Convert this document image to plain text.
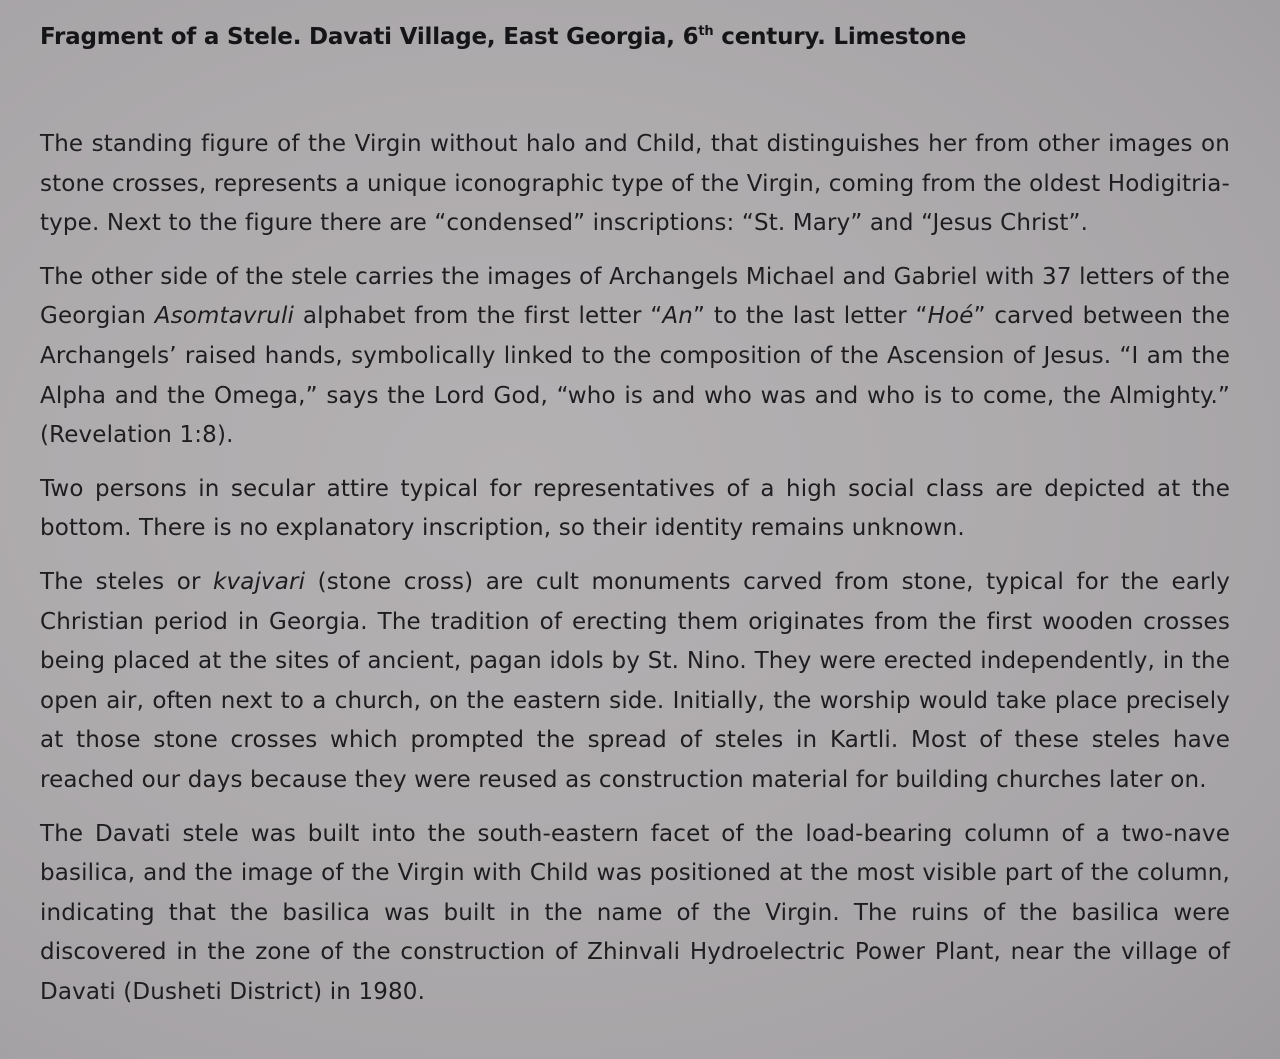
Fragment of a Stele. Davati Village, East Georgia, 6th century. Limestone

The standing figure of the Virgin without halo and Child, that distinguishes her from other images on stone crosses, represents a unique iconographic type of the Virgin, coming from the oldest Hodigitria-type. Next to the figure there are “condensed” inscriptions: “St. Mary” and “Jesus Christ”.

The other side of the stele carries the images of Archangels Michael and Gabriel with 37 letters of the Georgian Asomtavruli alphabet from the first letter “An” to the last letter “Hoé” carved between the Archangels’ raised hands, symbolically linked to the composition of the Ascension of Jesus. “I am the Alpha and the Omega,” says the Lord God, “who is and who was and who is to come, the Almighty.” (Revelation 1:8).

Two persons in secular attire typical for representatives of a high social class are depicted at the bottom. There is no explanatory inscription, so their identity remains unknown.

The steles or kvajvari (stone cross) are cult monuments carved from stone, typical for the early Christian period in Georgia. The tradition of erecting them originates from the first wooden crosses being placed at the sites of ancient, pagan idols by St. Nino. They were erected independently, in the open air, often next to a church, on the eastern side. Initially, the worship would take place precisely at those stone crosses which prompted the spread of steles in Kartli. Most of these steles have reached our days because they were reused as construction material for building churches later on.

The Davati stele was built into the south-eastern facet of the load-bearing column of a two-nave basilica, and the image of the Virgin with Child was positioned at the most visible part of the column, indicating that the basilica was built in the name of the Virgin. The ruins of the basilica were discovered in the zone of the construction of Zhinvali Hydroelectric Power Plant, near the village of Davati (Dusheti District) in 1980.
